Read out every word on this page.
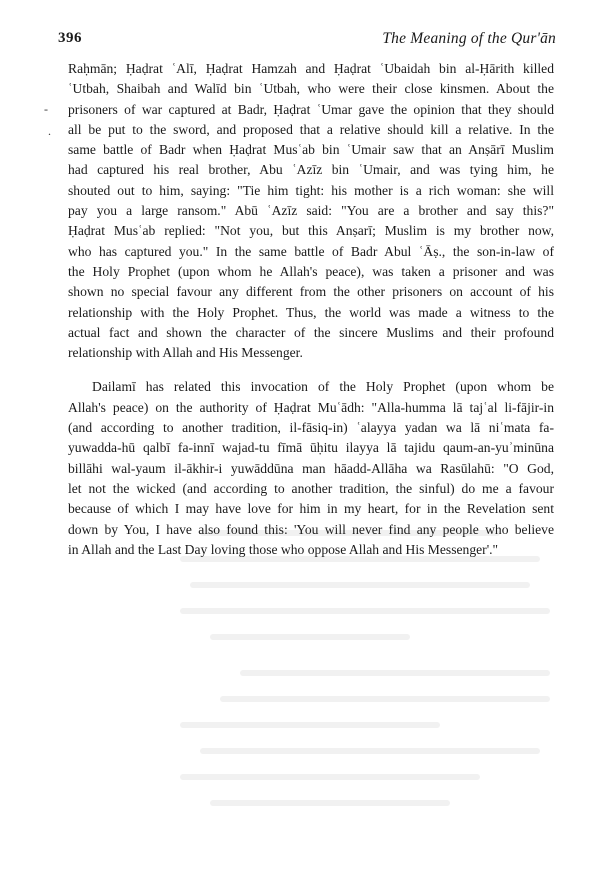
396	The Meaning of the Qur'ān
-
.

Raḥmān; Ḥaḍrat ʿAlī, Ḥaḍrat Hamzah and Ḥaḍrat ʿUbaidah bin al-Ḥārith killed
ʿUtbah, Shaibah and Walīd bin ʿUtbah, who were their close kinsmen. About the
prisoners of war captured at Badr, Ḥaḍrat ʿUmar gave the opinion that they should
all be put to the sword, and proposed that a relative should kill a relative. In the
same battle of Badr when Ḥaḍrat Musʿab bin ʿUmair saw that an Anṣārī Muslim
had captured his real brother, Abu ʿAzīz bin ʿUmair, and was tying him, he
shouted out to him, saying: "Tie him tight: his mother is a rich woman: she will
pay you a large ransom." Abū ʿAzīz said: "You are a brother and say this?"
Ḥaḍrat Musʿab replied: "Not you, but this Anṣarī; Muslim is my brother now,
who has captured you." In the same battle of Badr Abul ʿĀṣ., the son-in-law of
the Holy Prophet (upon whom he Allah's peace), was taken a prisoner and was
shown no special favour any different from the other prisoners on account of his
relationship with the Holy Prophet. Thus, the world was made a witness to the
actual fact and shown the character of the sincere Muslims and their profound
relationship with Allah and His Messenger.

Dailamī has related this invocation of the Holy Prophet (upon whom be
Allah's peace) on the authority of Ḥaḍrat Muʿādh: "Alla-humma lā tajʿal li-fājir-in
(and according to another tradition, il-fāsiq-in) ʿalayya yadan wa lā niʿmata fa-
yuwadda-hū qalbī fa-innī wajad-tu fīmā ūḥitu ilayya lā tajidu qaum-an-yuʾminūna
billāhi wal-yaum il-ākhir-i yuwāddūna man hāadd-Allāha wa Rasūlahū: "O God,
let not the wicked (and according to another tradition, the sinful) do me a favour
because of which I may have love for him in my heart, for in the Revelation sent
down by You, I have also found this: 'You will never find any people who believe
in Allah and the Last Day loving those who oppose Allah and His Messenger'."
